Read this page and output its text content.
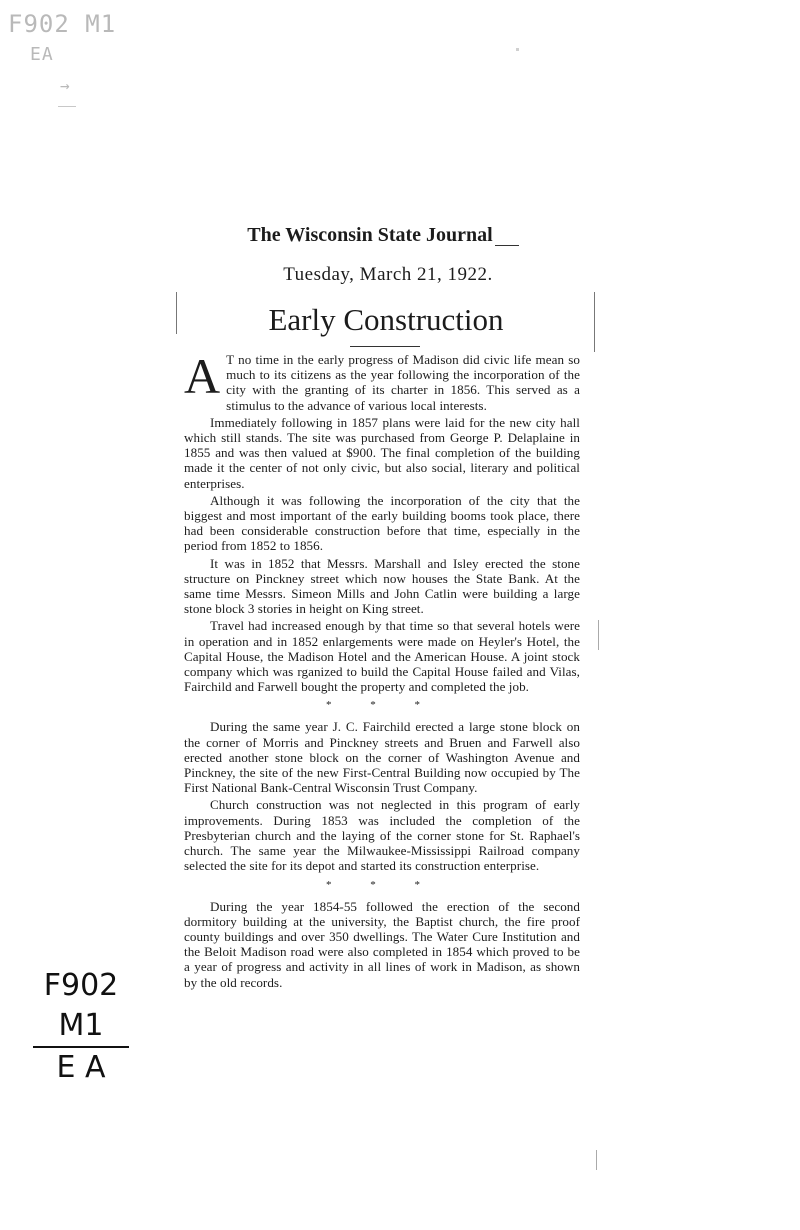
F902 M1
EA
→
F902 M1
E A
The Wisconsin State Journal
Tuesday, March 21, 1922.
Early Construction

A T no time in the early progress of Madison did civic life mean so much to its citizens as the year following the incorporation of the city with the granting of its charter in 1856. This served as a stimulus to the advance of various local interests.

Immediately following in 1857 plans were laid for the new city hall which still stands. The site was purchased from George P. Delaplaine in 1855 and was then valued at $900. The final completion of the building made it the center of not only civic, but also social, literary and political enterprises.

Although it was following the incorporation of the city that the biggest and most important of the early building booms took place, there had been considerable construction before that time, especially in the period from 1852 to 1856.

It was in 1852 that Messrs. Marshall and Isley erected the stone structure on Pinckney street which now houses the State Bank. At the same time Messrs. Simeon Mills and John Catlin were building a large stone block 3 stories in height on King street.

Travel had increased enough by that time so that several hotels were in operation and in 1852 enlargements were made on Heyler's Hotel, the Capital House, the Madison Hotel and the American House. A joint stock company which was rganized to build the Capital House failed and Vilas, Fairchild and Farwell bought the property and completed the job.

* * *

During the same year J. C. Fairchild erected a large stone block on the corner of Morris and Pinckney streets and Bruen and Farwell also erected another stone block on the corner of Washington Avenue and Pinckney, the site of the new First-Central Building now occupied by The First National Bank-Central Wisconsin Trust Company.

Church construction was not neglected in this program of early improvements. During 1853 was included the completion of the Presbyterian church and the laying of the corner stone for St. Raphael's church. The same year the Milwaukee-Mississippi Railroad company selected the site for its depot and started its construction enterprise.

* * *

During the year 1854-55 followed the erection of the second dormitory building at the university, the Baptist church, the fire proof county buildings and over 350 dwellings. The Water Cure Institution and the Beloit Madison road were also completed in 1854 which proved to be a year of progress and activity in all lines of work in Madison, as shown by the old records.
